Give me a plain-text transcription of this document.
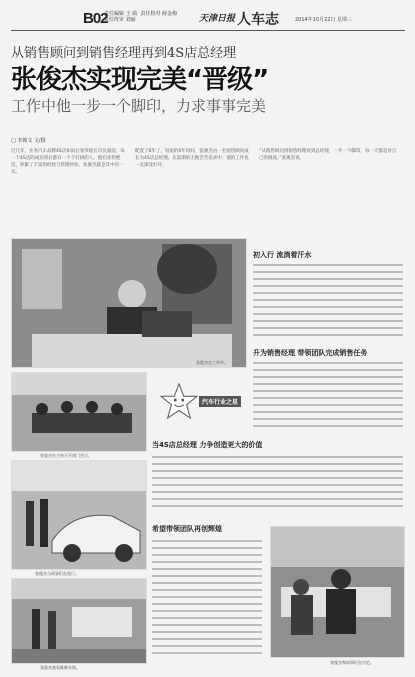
B02
责任编辑 王 婧  责任校对 薛金梅
责任终审 刘丽	天津日报 人车志	2014年10月22日 星期三
从销售顾问到销售经理再到4S店总经理
张俊杰实现完美“晋级”
工作中他一步一个脚印，力求事事完美
□ 李锁文 文/摄
近几年，业务汽车品牌4S店如雨后春笋般在市民面前，每一个4S店的成功背后都有一个个打拼的人。他们身怀绝技，积累了丰富的经验与管理经验，张俊杰就是其中的一员。
配置了6年了，短短的6年时间，张俊杰由一名销售顾问成长为4S店总经理。在前期的无数苦苦追求中，他的工作也一直深受好评。
“从销售顾问到销售经理再到总经理，一步一个脚印，每一天都是对自己的挑战。”张俊杰说。
张俊杰在工作中。
初入行 流淌着汗水
升为销售经理 带领团队完成销售任务
张俊杰在主持召开部门会议。
汽车行业之星
当4S店总经理 力争创造更大的价值
张俊杰与同事们在展厅。
希望带领团队再创辉煌
张俊杰查看维修车间。
张俊杰和同事们在讨论。
